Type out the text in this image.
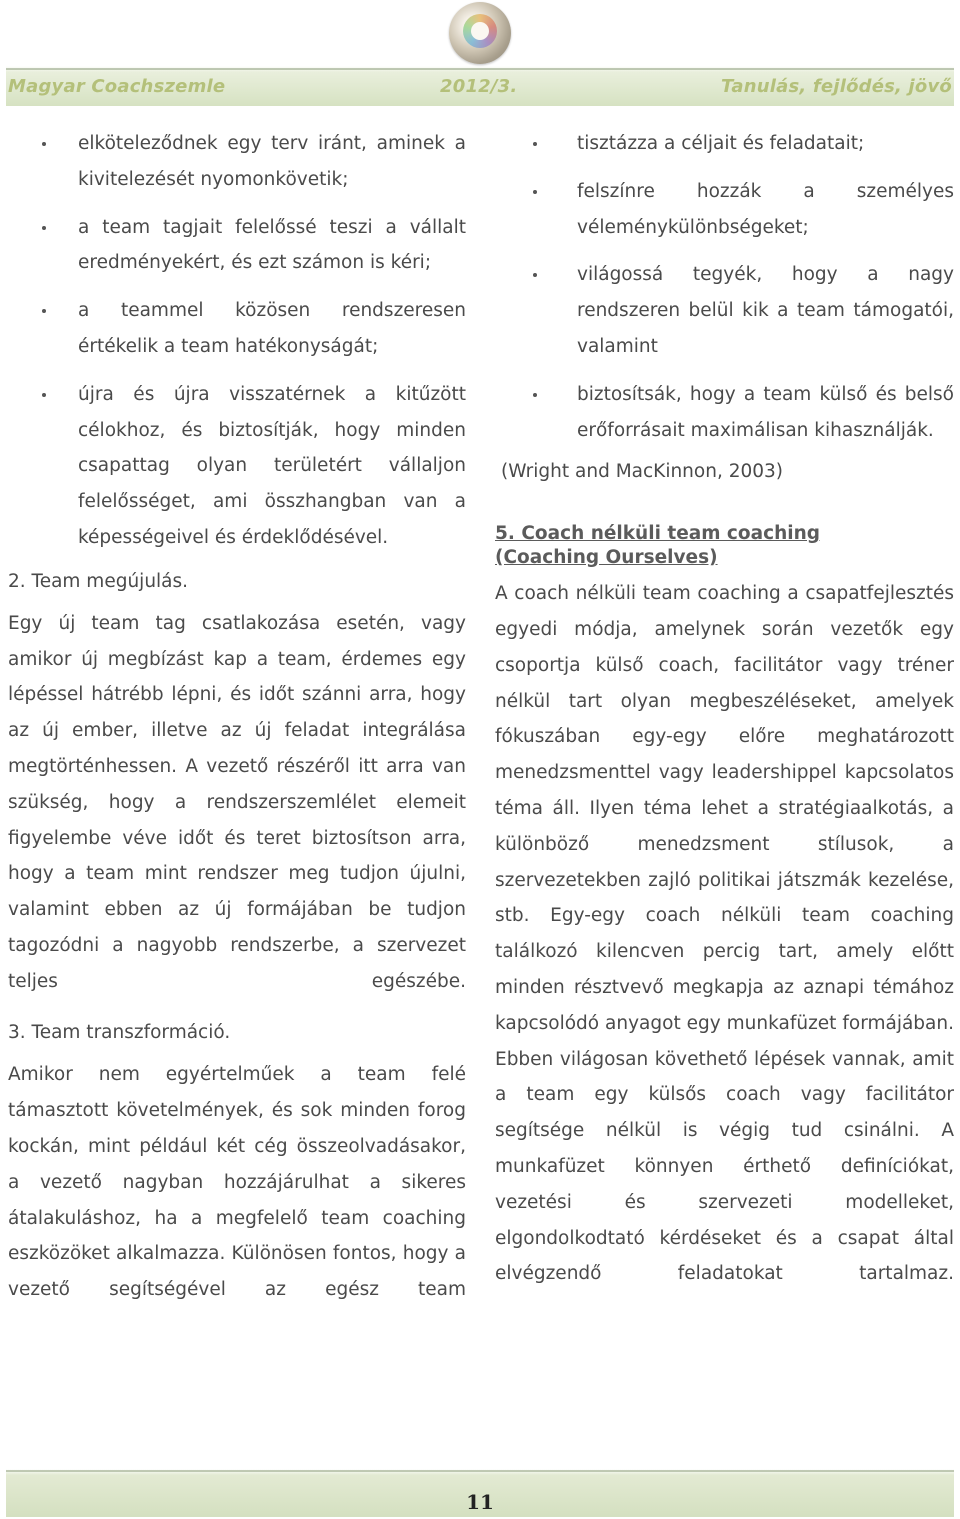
Magyar Coachszemle	2012/3.	Tanulás, fejlődés, jövő
elköteleződnek egy terv iránt, aminek a kivitelezését nyomonkövetik;
a team tagjait felelőssé teszi a vállalt eredményekért, és ezt számon is kéri;
a teammel közösen rendszeresen értékelik a team hatékonyságát;
újra és újra visszatérnek a kitűzött célokhoz, és biztosítják, hogy minden csapattag olyan területért vállaljon felelősséget, ami összhangban van a képességeivel és érdeklődésével.
2. Team megújulás.

Egy új team tag csatlakozása esetén, vagy amikor új megbízást kap a team, érdemes egy lépéssel hátrébb lépni, és időt szánni arra, hogy az új ember, illetve az új feladat integrálása megtörténhessen. A vezető részéről itt arra van szükség, hogy a rendszerszemlélet elemeit figyelembe véve időt és teret biztosítson arra, hogy a team mint rendszer meg tudjon újulni, valamint ebben az új formájában be tudjon tagozódni a nagyobb rendszerbe, a szervezet teljes egészébe.

3. Team transzformáció.

Amikor nem egyértelműek a team felé támasztott követelmények, és sok minden forog kockán, mint például két cég összeolvadásakor, a vezető nagyban hozzájárulhat a sikeres átalakuláshoz, ha a megfelelő team coaching eszközöket alkalmazza. Különösen fontos, hogy a vezető segítségével az egész team

tisztázza a céljait és feladatait;
felszínre hozzák a személyes véleménykülönbségeket;
világossá tegyék, hogy a nagy rendszeren belül kik a team támogatói, valamint
biztosítsák, hogy a team külső és belső erőforrásait maximálisan kihasználják.
(Wright and MacKinnon, 2003)
5. Coach nélküli team coaching
(Coaching Ourselves)

A coach nélküli team coaching a csapatfejlesztés egyedi módja, amelynek során vezetők egy csoportja külső coach, facilitátor vagy tréner nélkül tart olyan megbeszéléseket, amelyek fókuszában egy-egy előre meghatározott menedzsmenttel vagy leadershippel kapcsolatos téma áll. Ilyen téma lehet a stratégiaalkotás, a különböző menedzsment stílusok, a szervezetekben zajló politikai játszmák kezelése, stb. Egy-egy coach nélküli team coaching találkozó kilencven percig tart, amely előtt minden résztvevő megkapja az aznapi témához kapcsolódó anyagot egy munkafüzet formájában. Ebben világosan követhető lépések vannak, amit a team egy külsős coach vagy facilitátor segítsége nélkül is végig tud csinálni. A munkafüzet könnyen érthető definíciókat, vezetési és szervezeti modelleket, elgondolkodtató kérdéseket és a csapat által elvégzendő feladatokat tartalmaz.

11
